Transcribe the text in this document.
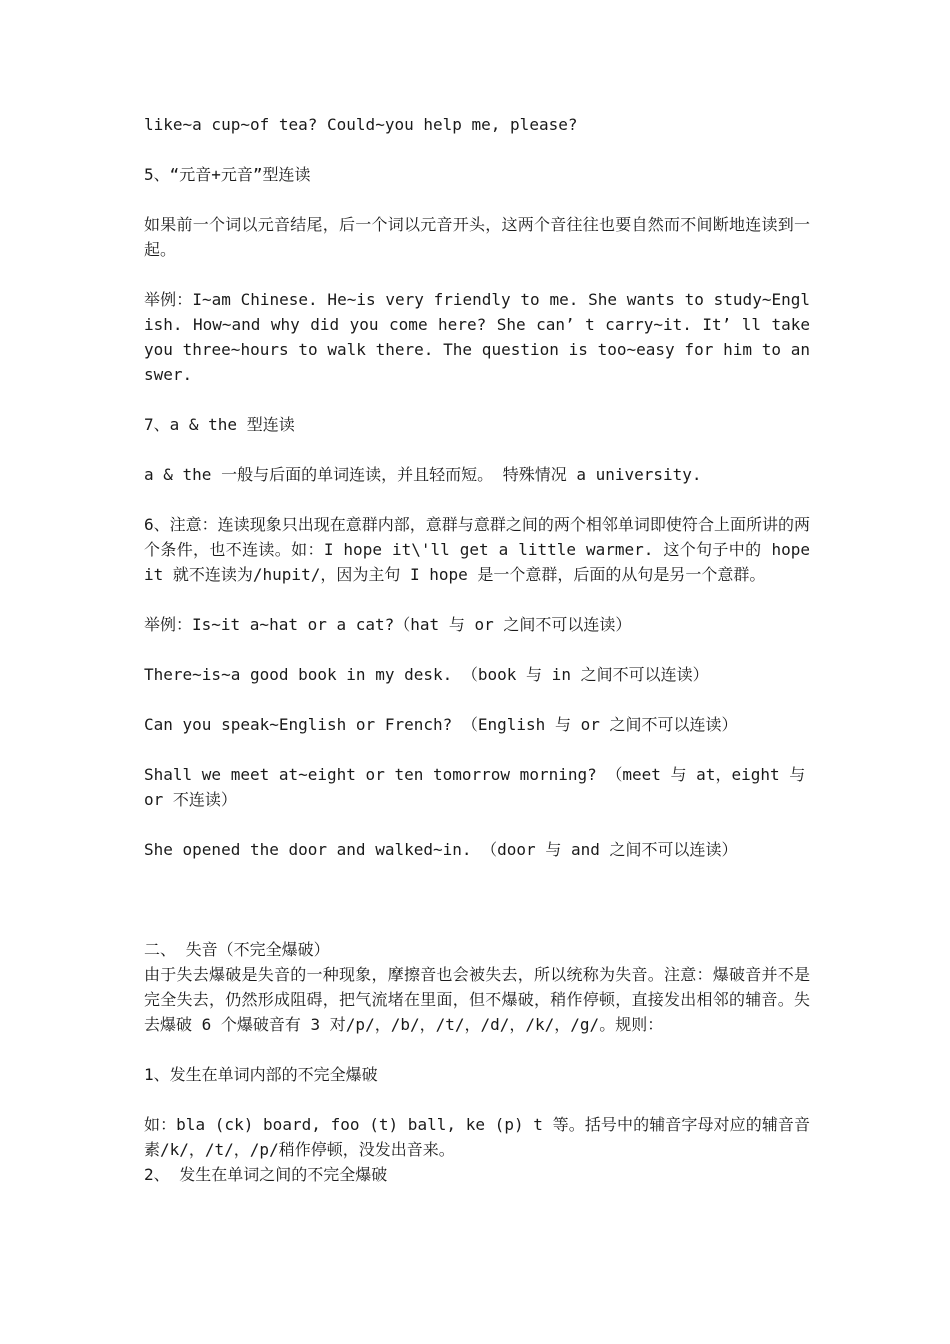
like~a cup~of tea? Could~you help me, please?

5、“元音+元音”型连读

如果前一个词以元音结尾，后一个词以元音开头，这两个音往往也要自然而不间断地连读到一起。

举例：I~am Chinese. He~is very friendly to me. She wants to study~English. How~and why did you come here? She can’ t carry~it. It’ ll take you three~hours to walk there. The question is too~easy for him to answer.

7、a & the 型连读

a & the 一般与后面的单词连读，并且轻而短。 特殊情况 a university.

6、注意：连读现象只出现在意群内部，意群与意群之间的两个相邻单词即使符合上面所讲的两个条件，也不连读。如：I hope it\'ll get a little warmer. 这个句子中的 hope it 就不连读为/hupit/，因为主句 I hope 是一个意群，后面的从句是另一个意群。

举例：Is~it a~hat or a cat?（hat 与 or 之间不可以连读）

There~is~a good book in my desk. （book 与 in 之间不可以连读）

Can you speak~English or French? （English 与 or 之间不可以连读）

Shall we meet at~eight or ten tomorrow morning? （meet 与 at，eight 与 or 不连读）

She opened the door and walked~in. （door 与 and 之间不可以连读）

二、 失音（不完全爆破）

由于失去爆破是失音的一种现象，摩擦音也会被失去，所以统称为失音。注意：爆破音并不是完全失去，仍然形成阻碍，把气流堵在里面，但不爆破，稍作停顿，直接发出相邻的辅音。失去爆破 6 个爆破音有 3 对/p/，/b/，/t/，/d/，/k/，/g/。规则：

1、发生在单词内部的不完全爆破

如：bla (ck) board, foo (t) ball, ke (p) t 等。括号中的辅音字母对应的辅音音素/k/，/t/，/p/稍作停顿，没发出音来。

2、 发生在单词之间的不完全爆破
